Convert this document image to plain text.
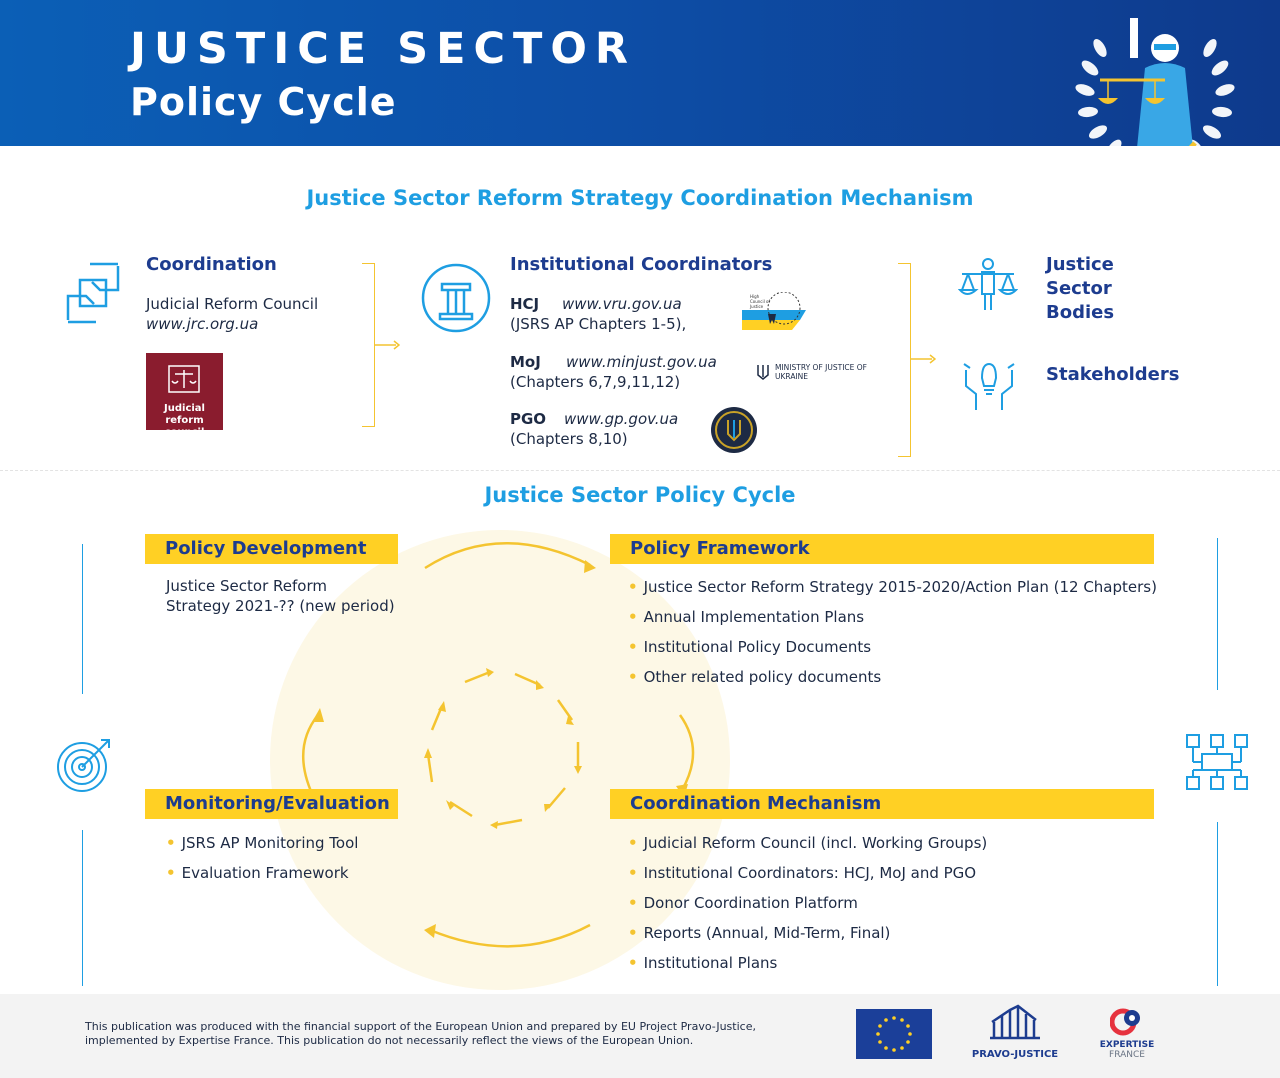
JUSTICE SECTOR
Policy Cycle
Justice Sector Reform Strategy Coordination Mechanism
Coordination
Judicial Reform Council
www.jrc.org.ua
Judicial reform
council
Institutional Coordinators
HCJ www.vru.gov.ua
(JSRS AP Chapters 1-5),
High Council of Justice
MoJ www.minjust.gov.ua
(Chapters 6,7,9,11,12)
MINISTRY OF JUSTICE OF UKRAINE
PGO www.gp.gov.ua
(Chapters 8,10)
Justice
Sector
Bodies
Stakeholders
Justice Sector Policy Cycle
Policy Development
Justice Sector Reform
Strategy 2021-?? (new period)
Policy Framework
• Justice Sector Reform Strategy 2015-2020/Action Plan (12 Chapters)
• Annual Implementation Plans
• Institutional Policy Documents
• Other related policy documents
Monitoring/Evaluation
• JSRS AP Monitoring Tool
• Evaluation Framework
Coordination Mechanism
• Judicial Reform Council (incl. Working Groups)
• Institutional Coordinators: HCJ, MoJ and PGO
• Donor Coordination Platform
• Reports (Annual, Mid-Term, Final)
• Institutional Plans
This publication was produced with the financial support of the European Union and prepared by EU Project Pravo-Justice,
implemented by Expertise France. This publication do not necessarily reflect the views of the European Union.
PRAVO-JUSTICE
EXPERTISE
FRANCE
